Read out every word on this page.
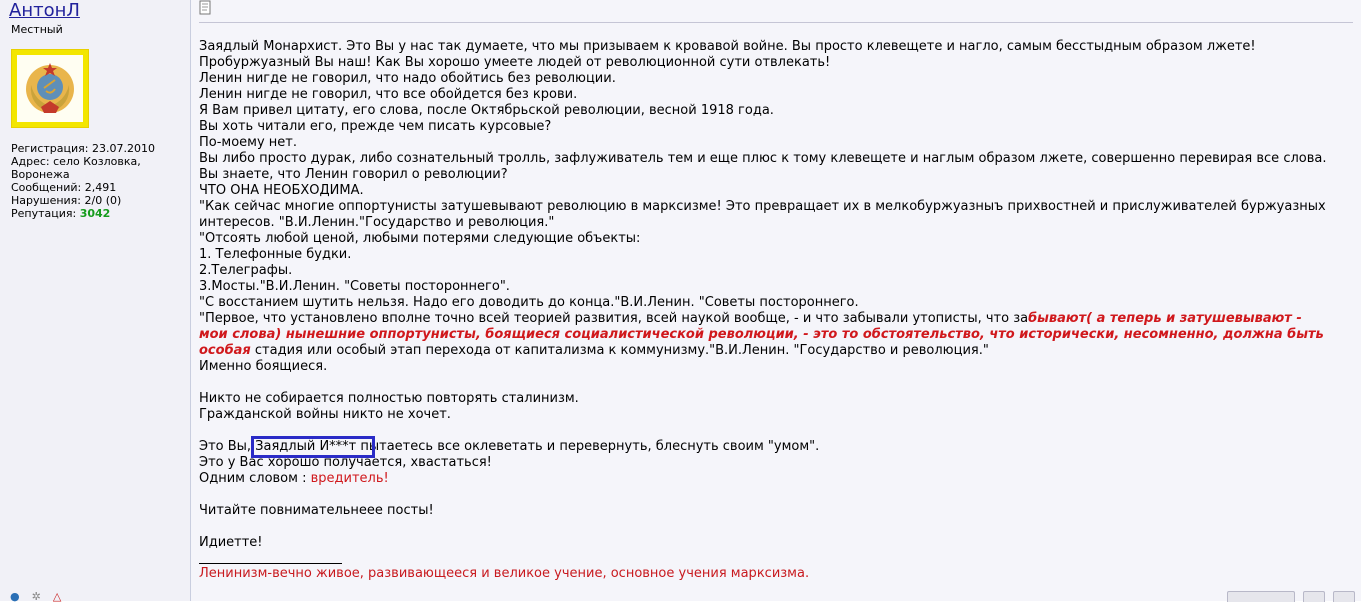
АнтонЛ
Местный
Регистрация: 23.07.2010
Адрес: село Козловка,
Воронежа
Сообщений: 2,491
Нарушения: 2/0 (0)
Репутация: 3042
● ✲ △
Заядлый Монархист. Это Вы у нас так думаете, что мы призываем к кровавой войне. Вы просто клевещете и нагло, самым бесстыдным образом лжете!
Пробуржуазный Вы наш! Как Вы хорошо умеете людей от революционной сути отвлекать!
Ленин нигде не говорил, что надо обойтись без революции.
Ленин нигде не говорил, что все обойдется без крови.
Я Вам привел цитату, его слова, после Октябрьской революции, весной 1918 года.
Вы хоть читали его, прежде чем писать курсовые?
По-моему нет.
Вы либо просто дурак, либо сознательный тролль, зафлуживатель тем и еще плюс к тому клевещете и наглым образом лжете, совершенно перевирая все слова.
Вы знаете, что Ленин говорил о революции?
ЧТО ОНА НЕОБХОДИМА.
"Как сейчас многие оппортунисты затушевывают революцию в марксизме! Это превращает их в мелкобуржуазныъ прихвостней и прислуживателей буржуазных
интересов. "В.И.Ленин."Государство и революция."
"Отсоять любой ценой, любыми потерями следующие объекты:
1. Телефонные будки.
2.Телеграфы.
3.Мосты."В.И.Ленин. "Советы постороннего".
"С восстанием шутить нельзя. Надо его доводить до конца."В.И.Ленин. "Советы постороннего.
"Первое, что установлено вполне точно всей теорией развития, всей наукой вообще, - и что забывали утописты, что забывают( а теперь и затушевывают -
мои слова) нынешние оппортунисты, боящиеся социалистической революции, - это то обстоятельство, что исторически, несомненно, должна быть
особая стадия или особый этап перехода от капитализма к коммунизму."В.И.Ленин. "Государство и революция."
Именно боящиеся.

Никто не собирается полностью повторять сталинизм.
Гражданской войны никто не хочет.

Это Вы, Заядлый И***т пытаетесь все оклеветать и перевернуть, блеснуть своим "умом".
Это у Вас хорошо получается, хвастаться!
Одним словом : вредитель!

Читайте повнимательнеее посты!

Идиетте!
Ленинизм-вечно живое, развивающееся и великое учение, основное учения марксизма.
